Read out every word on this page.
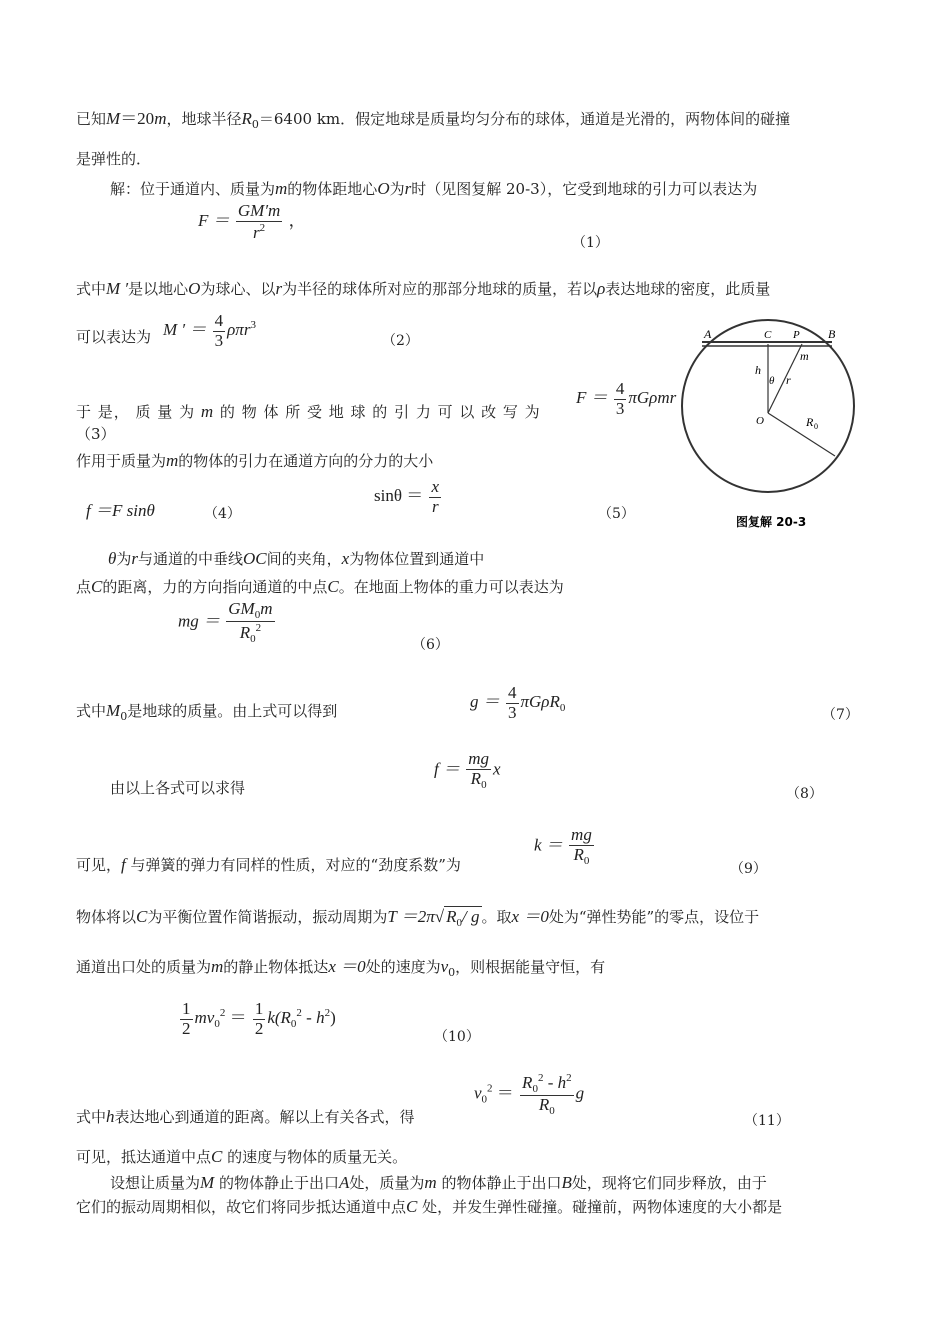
已知M＝20m，地球半径$R_0=6400$ km．假定地球是质量均匀分布的球体，通道是光滑的，两物体间的碰撞
是弹性的．
解：位于通道内、质量为m的物体距地心O为r时（见图复解 20-3），它受到地球的引力可以表达为
$F = \frac{GM'm}{r^2}$ ，
（1）
式中M ′是以地心O为球心、以r为半径的球体所对应的那部分地球的质量，若以ρ表达地球的密度，此质量
可以表达为 M ′ ＝ $\frac{4}{3} \rho\pi r^3$
（2）
$F = \frac{4}{3}$ πGρmr
于 是， 质 量 为 m 的 物 体 所 受 地 球 的 引 力 可 以 改 写 为
（3）
作用于质量为m的物体的引力在通道方向的分力的大小
f ＝F sinθ	（4）
$\sin\theta = \frac{x}{r}$	（5）
A	C P B
m
h
θ r
O	R 0
图复解 20-3
θ为r与通道的中垂线OC间的夹角，x为物体位置到通道中
点C的距离，力的方向指向通道的中点C。在地面上物体的重力可以表达为
mg ＝ $\frac{GM_0m}{R_0^2}$	（6）
$g = \frac{4}{3} \pi G\rho R_0$
式中$M_0$是地球的质量。由上式可以得到	（7）
$f = \frac{mg}{R_0}$ x
由以上各式可以求得	（8）
$k = \frac{mg}{R_0}$
可见，f 与弹簧的弹力有同样的性质，对应的“劲度系数”为	（9）
物体将以C为平衡位置作简谐振动，振动周期为T ＝2π√ $R_0/$ g 。取x ＝0处为“弹性势能”的零点，设位于
通道出口处的质量为m的静止物体抵达x ＝0处的速度为$v_0$，则根据能量守恒，有
$\frac{1}{2} mv_0^2 = \frac{1}{2} k(R_0^2 - h^2)$
（10）
$v_0^2 = \frac{R_0^2 - h^2}{R_0}$ g
式中h表达地心到通道的距离。解以上有关各式，得	（11）
可见，抵达通道中点C 的速度与物体的质量无关。
设想让质量为M 的物体静止于出口A处，质量为m 的物体静止于出口B处，现将它们同步释放，由于
它们的振动周期相似，故它们将同步抵达通道中点C 处，并发生弹性碰撞。碰撞前，两物体速度的大小都是
